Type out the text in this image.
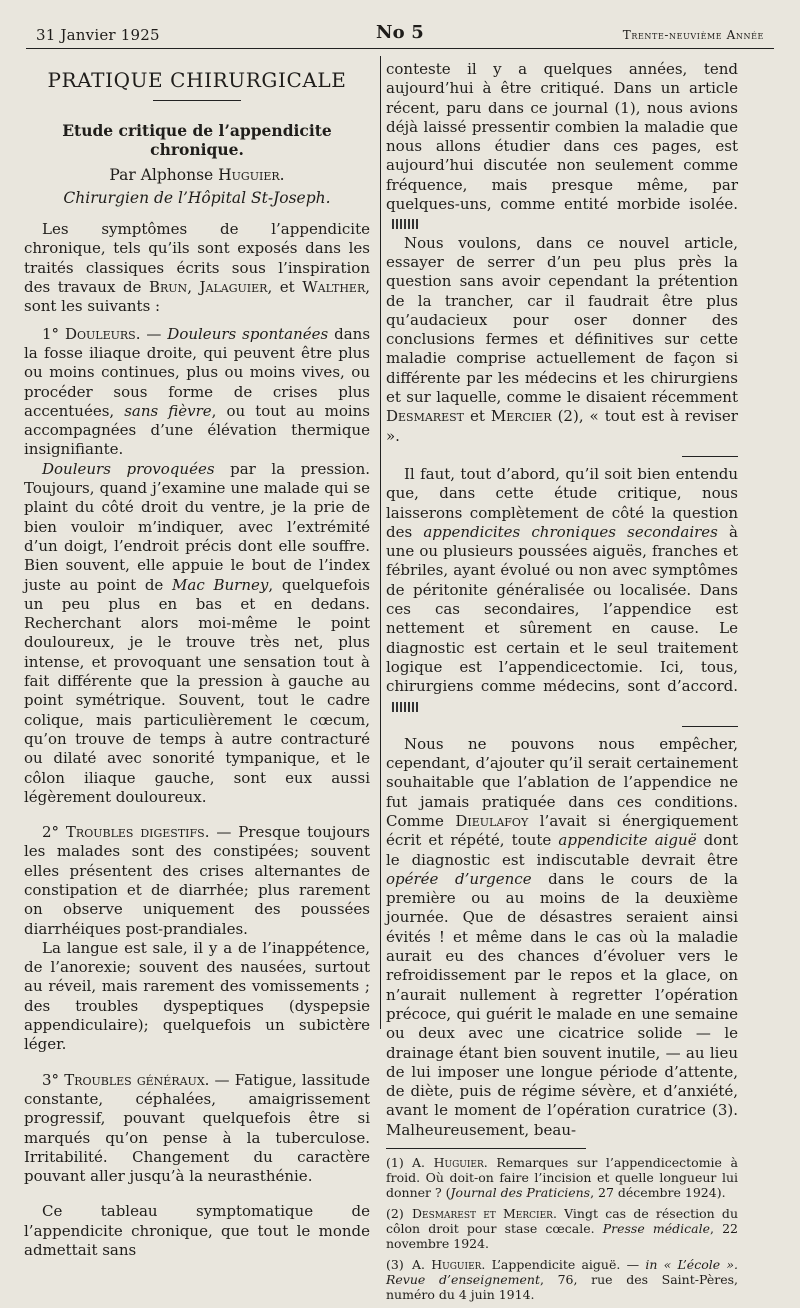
31 Janvier 1925	No 5	Trente-neuvième Année
PRATIQUE CHIRURGICALE
Etude critique de l’appendicite chronique.
Par Alphonse Huguier.
Chirurgien de l’Hôpital St-Joseph.

Les symptômes de l’appendicite chronique, tels qu’ils sont exposés dans les traités classiques écrits sous l’inspiration des travaux de Brun, Jalaguier, et Walther, sont les suivants :

1° Douleurs. — Douleurs spontanées dans la fosse iliaque droite, qui peuvent être plus ou moins continues, plus ou moins vives, ou procéder sous forme de crises plus accentuées, sans fièvre, ou tout au moins accompagnées d’une élévation thermique insignifiante.

Douleurs provoquées par la pression. Toujours, quand j’examine une malade qui se plaint du côté droit du ventre, je la prie de bien vouloir m’indiquer, avec l’extrémité d’un doigt, l’endroit précis dont elle souffre. Bien souvent, elle appuie le bout de l’index juste au point de Mac Burney, quelquefois un peu plus en bas et en dedans. Recherchant alors moi-même le point douloureux, je le trouve très net, plus intense, et provoquant une sensation tout à fait différente que la pression à gauche au point symétrique. Souvent, tout le cadre colique, mais particulièrement le cœcum, qu’on trouve de temps à autre contracturé ou dilaté avec sonorité tympanique, et le côlon iliaque gauche, sont eux aussi légèrement douloureux.

2° Troubles digestifs. — Presque toujours les malades sont des constipées; souvent elles présentent des crises alternantes de constipation et de diarrhée; plus rarement on observe uniquement des poussées diarrhéiques post-prandiales.

La langue est sale, il y a de l’inappétence, de l’anorexie; souvent des nausées, surtout au réveil, mais rarement des vomissements ; des troubles dyspeptiques (dyspepsie appendiculaire); quelquefois un subictère léger.

3° Troubles généraux. — Fatigue, lassitude constante, céphalées, amaigrissement progressif, pouvant quelquefois être si marqués qu’on pense à la tuberculose. Irritabilité. Changement du caractère pouvant aller jusqu’à la neurasthénie.

Ce tableau symptomatique de l’appendicite chronique, que tout le monde admettait sans

conteste il y a quelques années, tend aujourd’hui à être critiqué. Dans un article récent, paru dans ce journal (1), nous avions déjà laissé pressentir combien la maladie que nous allons étudier dans ces pages, est aujourd’hui discutée non seulement comme fréquence, mais presque même, par quelques-uns, comme entité morbide isolée.

Nous voulons, dans ce nouvel article, essayer de serrer d’un peu plus près la question sans avoir cependant la prétention de la trancher, car il faudrait être plus qu’audacieux pour oser donner des conclusions fermes et définitives sur cette maladie comprise actuellement de façon si différente par les médecins et les chirurgiens et sur laquelle, comme le disaient récemment Desmarest et Mercier (2), « tout est à reviser ».

Il faut, tout d’abord, qu’il soit bien entendu que, dans cette étude critique, nous laisserons complètement de côté la question des appendicites chroniques secondaires à une ou plusieurs poussées aiguës, franches et fébriles, ayant évolué ou non avec symptômes de péritonite généralisée ou localisée. Dans ces cas secondaires, l’appendice est nettement et sûrement en cause. Le diagnostic est certain et le seul traitement logique est l’appendicectomie. Ici, tous, chirurgiens comme médecins, sont d’accord.

Nous ne pouvons nous empêcher, cependant, d’ajouter qu’il serait certainement souhaitable que l’ablation de l’appendice ne fut jamais pratiquée dans ces conditions. Comme Dieulafoy l’avait si énergiquement écrit et répété, toute appendicite aiguë dont le diagnostic est indiscutable devrait être opérée d’urgence dans le cours de la première ou au moins de la deuxième journée. Que de désastres seraient ainsi évités ! et même dans le cas où la maladie aurait eu des chances d’évoluer vers le refroidissement par le repos et la glace, on n’aurait nullement à regretter l’opération précoce, qui guérit le malade en une semaine ou deux avec une cicatrice solide — le drainage étant bien souvent inutile, — au lieu de lui imposer une longue période d’attente, de diète, puis de régime sévère, et d’anxiété, avant le moment de l’opération curatrice (3). Malheureusement, beau-

(1) A. Huguier. Remarques sur l’appendicectomie à froid. Où doit-on faire l’incision et quelle longueur lui donner ? (Journal des Praticiens, 27 décembre 1924).
(2) Desmarest et Mercier. Vingt cas de résection du côlon droit pour stase cœcale. Presse médicale, 22 novembre 1924.
(3) A. Huguier. L’appendicite aiguë. — in « L’école ». Revue d’enseignement, 76, rue des Saint-Pères, numéro du 4 juin 1914.
